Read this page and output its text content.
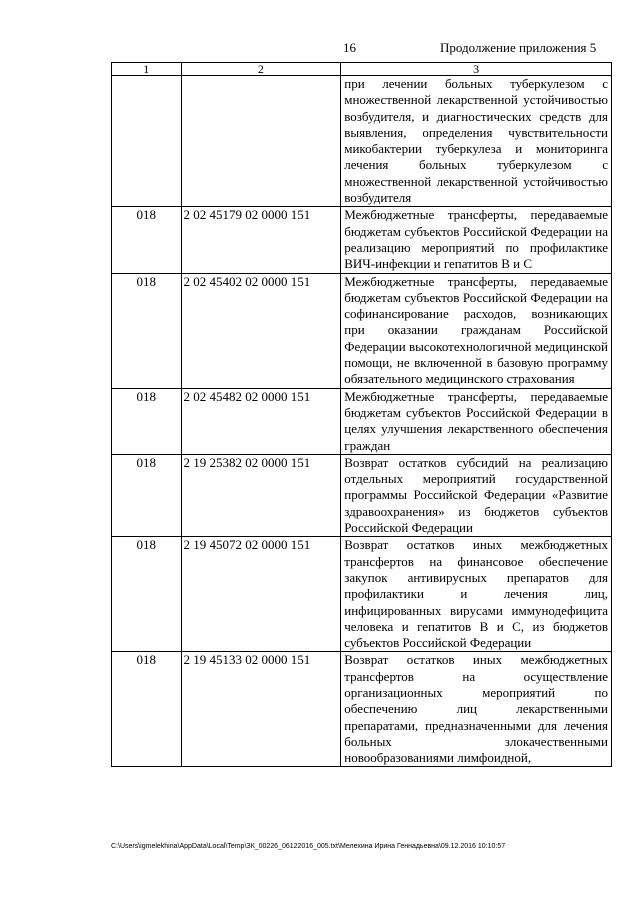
16	Продолжение приложения 5
1	2	3
		при лечении больных туберкулезом с множественной лекарственной устойчивостью возбудителя, и диагностических средств для выявления, определения чувствительности микобактерии туберкулеза и мониторинга лечения больных туберкулезом с множественной лекарственной устойчивостью возбудителя
018	2 02 45179 02 0000 151	Межбюджетные трансферты, передаваемые бюджетам субъектов Российской Федерации на реализацию мероприятий по профилактике ВИЧ-инфекции и гепатитов В и С
018	2 02 45402 02 0000 151	Межбюджетные трансферты, передаваемые бюджетам субъектов Российской Федерации на софинансирование расходов, возникающих при оказании гражданам Российской Федерации высокотехнологичной медицинской помощи, не включенной в базовую программу обязательного медицинского страхования
018	2 02 45482 02 0000 151	Межбюджетные трансферты, передаваемые бюджетам субъектов Российской Федерации в целях улучшения лекарственного обеспечения граждан
018	2 19 25382 02 0000 151	Возврат остатков субсидий на реализацию отдельных мероприятий государственной программы Российской Федерации «Развитие здравоохранения» из бюджетов субъектов Российской Федерации
018	2 19 45072 02 0000 151	Возврат остатков иных межбюджетных трансфертов на финансовое обеспечение закупок антивирусных препаратов для профилактики и лечения лиц, инфицированных вирусами иммунодефицита человека и гепатитов В и С, из бюджетов субъектов Российской Федерации
018	2 19 45133 02 0000 151	Возврат остатков иных межбюджетных трансфертов на осуществление организационных мероприятий по обеспечению лиц лекарственными препаратами, предназначенными для лечения больных злокачественными новообразованиями лимфоидной,
C:\Users\igmelekhina\AppData\Local\Temp\ЗК_00226_06122016_005.txt\Мелехина Ирина Геннадьевна\09.12.2016 10:10:57
